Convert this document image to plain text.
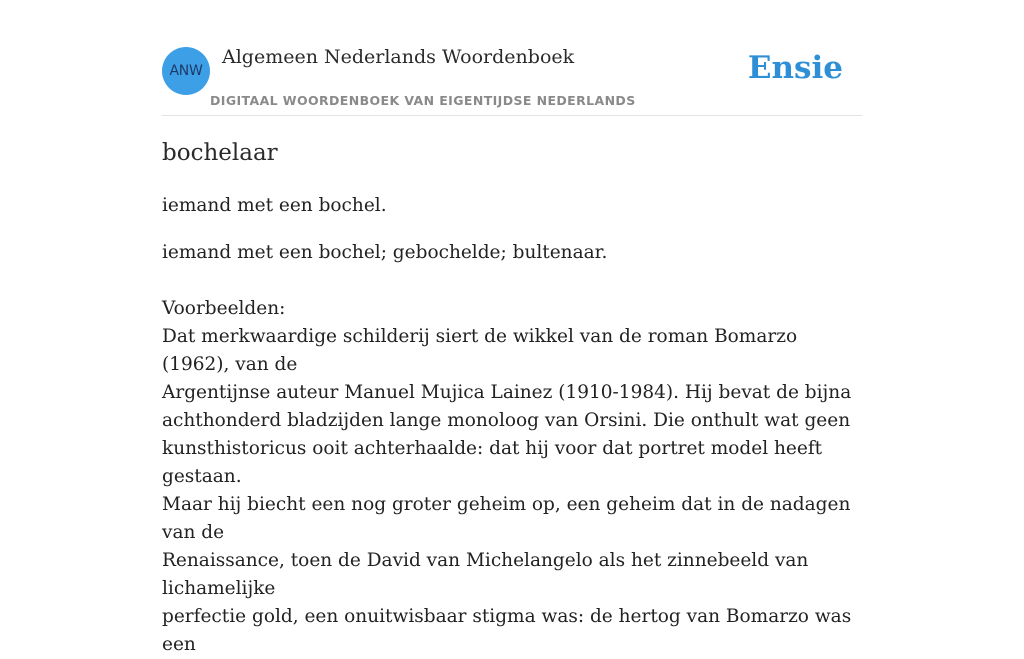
ANW
Algemeen Nederlands Woordenboek
DIGITAAL WOORDENBOEK VAN EIGENTIJDSE NEDERLANDS
Ensie
bochelaar
iemand met een bochel.
iemand met een bochel; gebochelde; bultenaar.
Voorbeelden:
Dat merkwaardige schilderij siert de wikkel van de roman Bomarzo (1962), van de
Argentijnse auteur Manuel Mujica Lainez (1910-1984). Hij bevat de bijna
achthonderd bladzijden lange monoloog van Orsini. Die onthult wat geen
kunsthistoricus ooit achterhaalde: dat hij voor dat portret model heeft gestaan.
Maar hij biecht een nog groter geheim op, een geheim dat in de nadagen van de
Renaissance, toen de David van Michelangelo als het zinnebeeld van lichamelijke
perfectie gold, een onuitwisbaar stigma was: de hertog van Bomarzo was een
